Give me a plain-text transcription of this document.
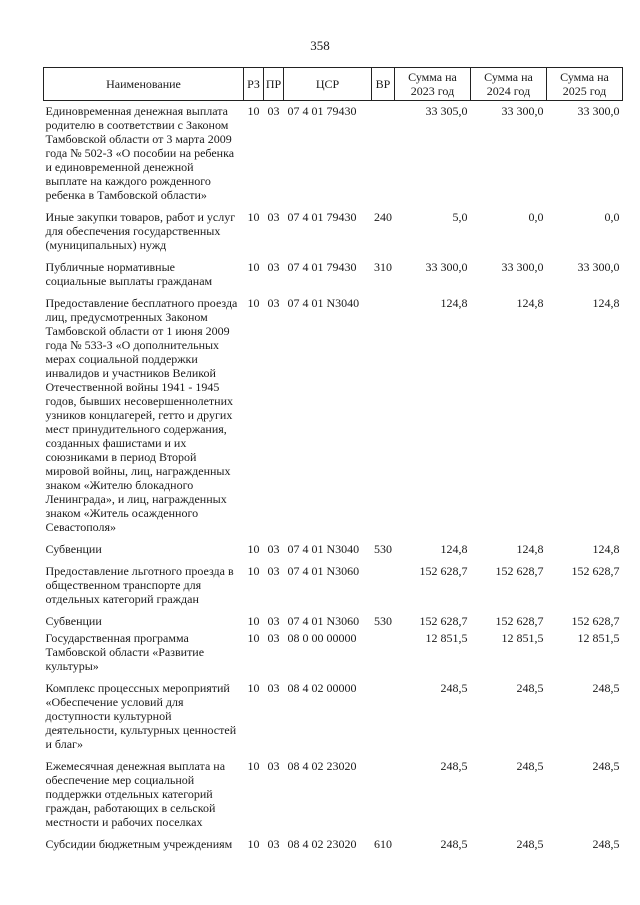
358
Наименование	РЗ	ПР	ЦСР	ВР	Сумма на 2023 год	Сумма на 2024 год	Сумма на 2025 год
Единовременная денежная выплата родителю в соответствии с Законом Тамбовской области от 3 марта 2009 года № 502-З «О пособии на ребенка и единовременной денежной выплате на каждого рожденного ребенка в Тамбовской области»	10	03	07 4 01 79430		33 305,0	33 300,0	33 300,0
Иные закупки товаров, работ и услуг для обеспечения государственных (муниципальных) нужд	10	03	07 4 01 79430	240	5,0	0,0	0,0
Публичные нормативные социальные выплаты гражданам	10	03	07 4 01 79430	310	33 300,0	33 300,0	33 300,0
Предоставление бесплатного проезда лиц, предусмотренных Законом Тамбовской области от 1 июня 2009 года № 533-З «О дополнительных мерах социальной поддержки инвалидов и участников Великой Отечественной войны 1941 - 1945 годов, бывших несовершеннолетних узников концлагерей, гетто и других мест принудительного содержания, созданных фашистами и их союзниками в период Второй мировой войны, лиц, награжденных знаком «Жителю блокадного Ленинграда», и лиц, награжденных знаком «Житель осажденного Севастополя»	10	03	07 4 01 N3040		124,8	124,8	124,8
Субвенции	10	03	07 4 01 N3040	530	124,8	124,8	124,8
Предоставление льготного проезда в общественном транспорте для отдельных категорий граждан	10	03	07 4 01 N3060		152 628,7	152 628,7	152 628,7
Субвенции	10	03	07 4 01 N3060	530	152 628,7	152 628,7	152 628,7
Государственная программа Тамбовской области «Развитие культуры»	10	03	08 0 00 00000		12 851,5	12 851,5	12 851,5
Комплекс процессных мероприятий «Обеспечение условий для доступности культурной деятельности, культурных ценностей и благ»	10	03	08 4 02 00000		248,5	248,5	248,5
Ежемесячная денежная выплата на обеспечение мер социальной поддержки отдельных категорий граждан, работающих в сельской местности и рабочих поселках	10	03	08 4 02 23020		248,5	248,5	248,5
Субсидии бюджетным учреждениям	10	03	08 4 02 23020	610	248,5	248,5	248,5
